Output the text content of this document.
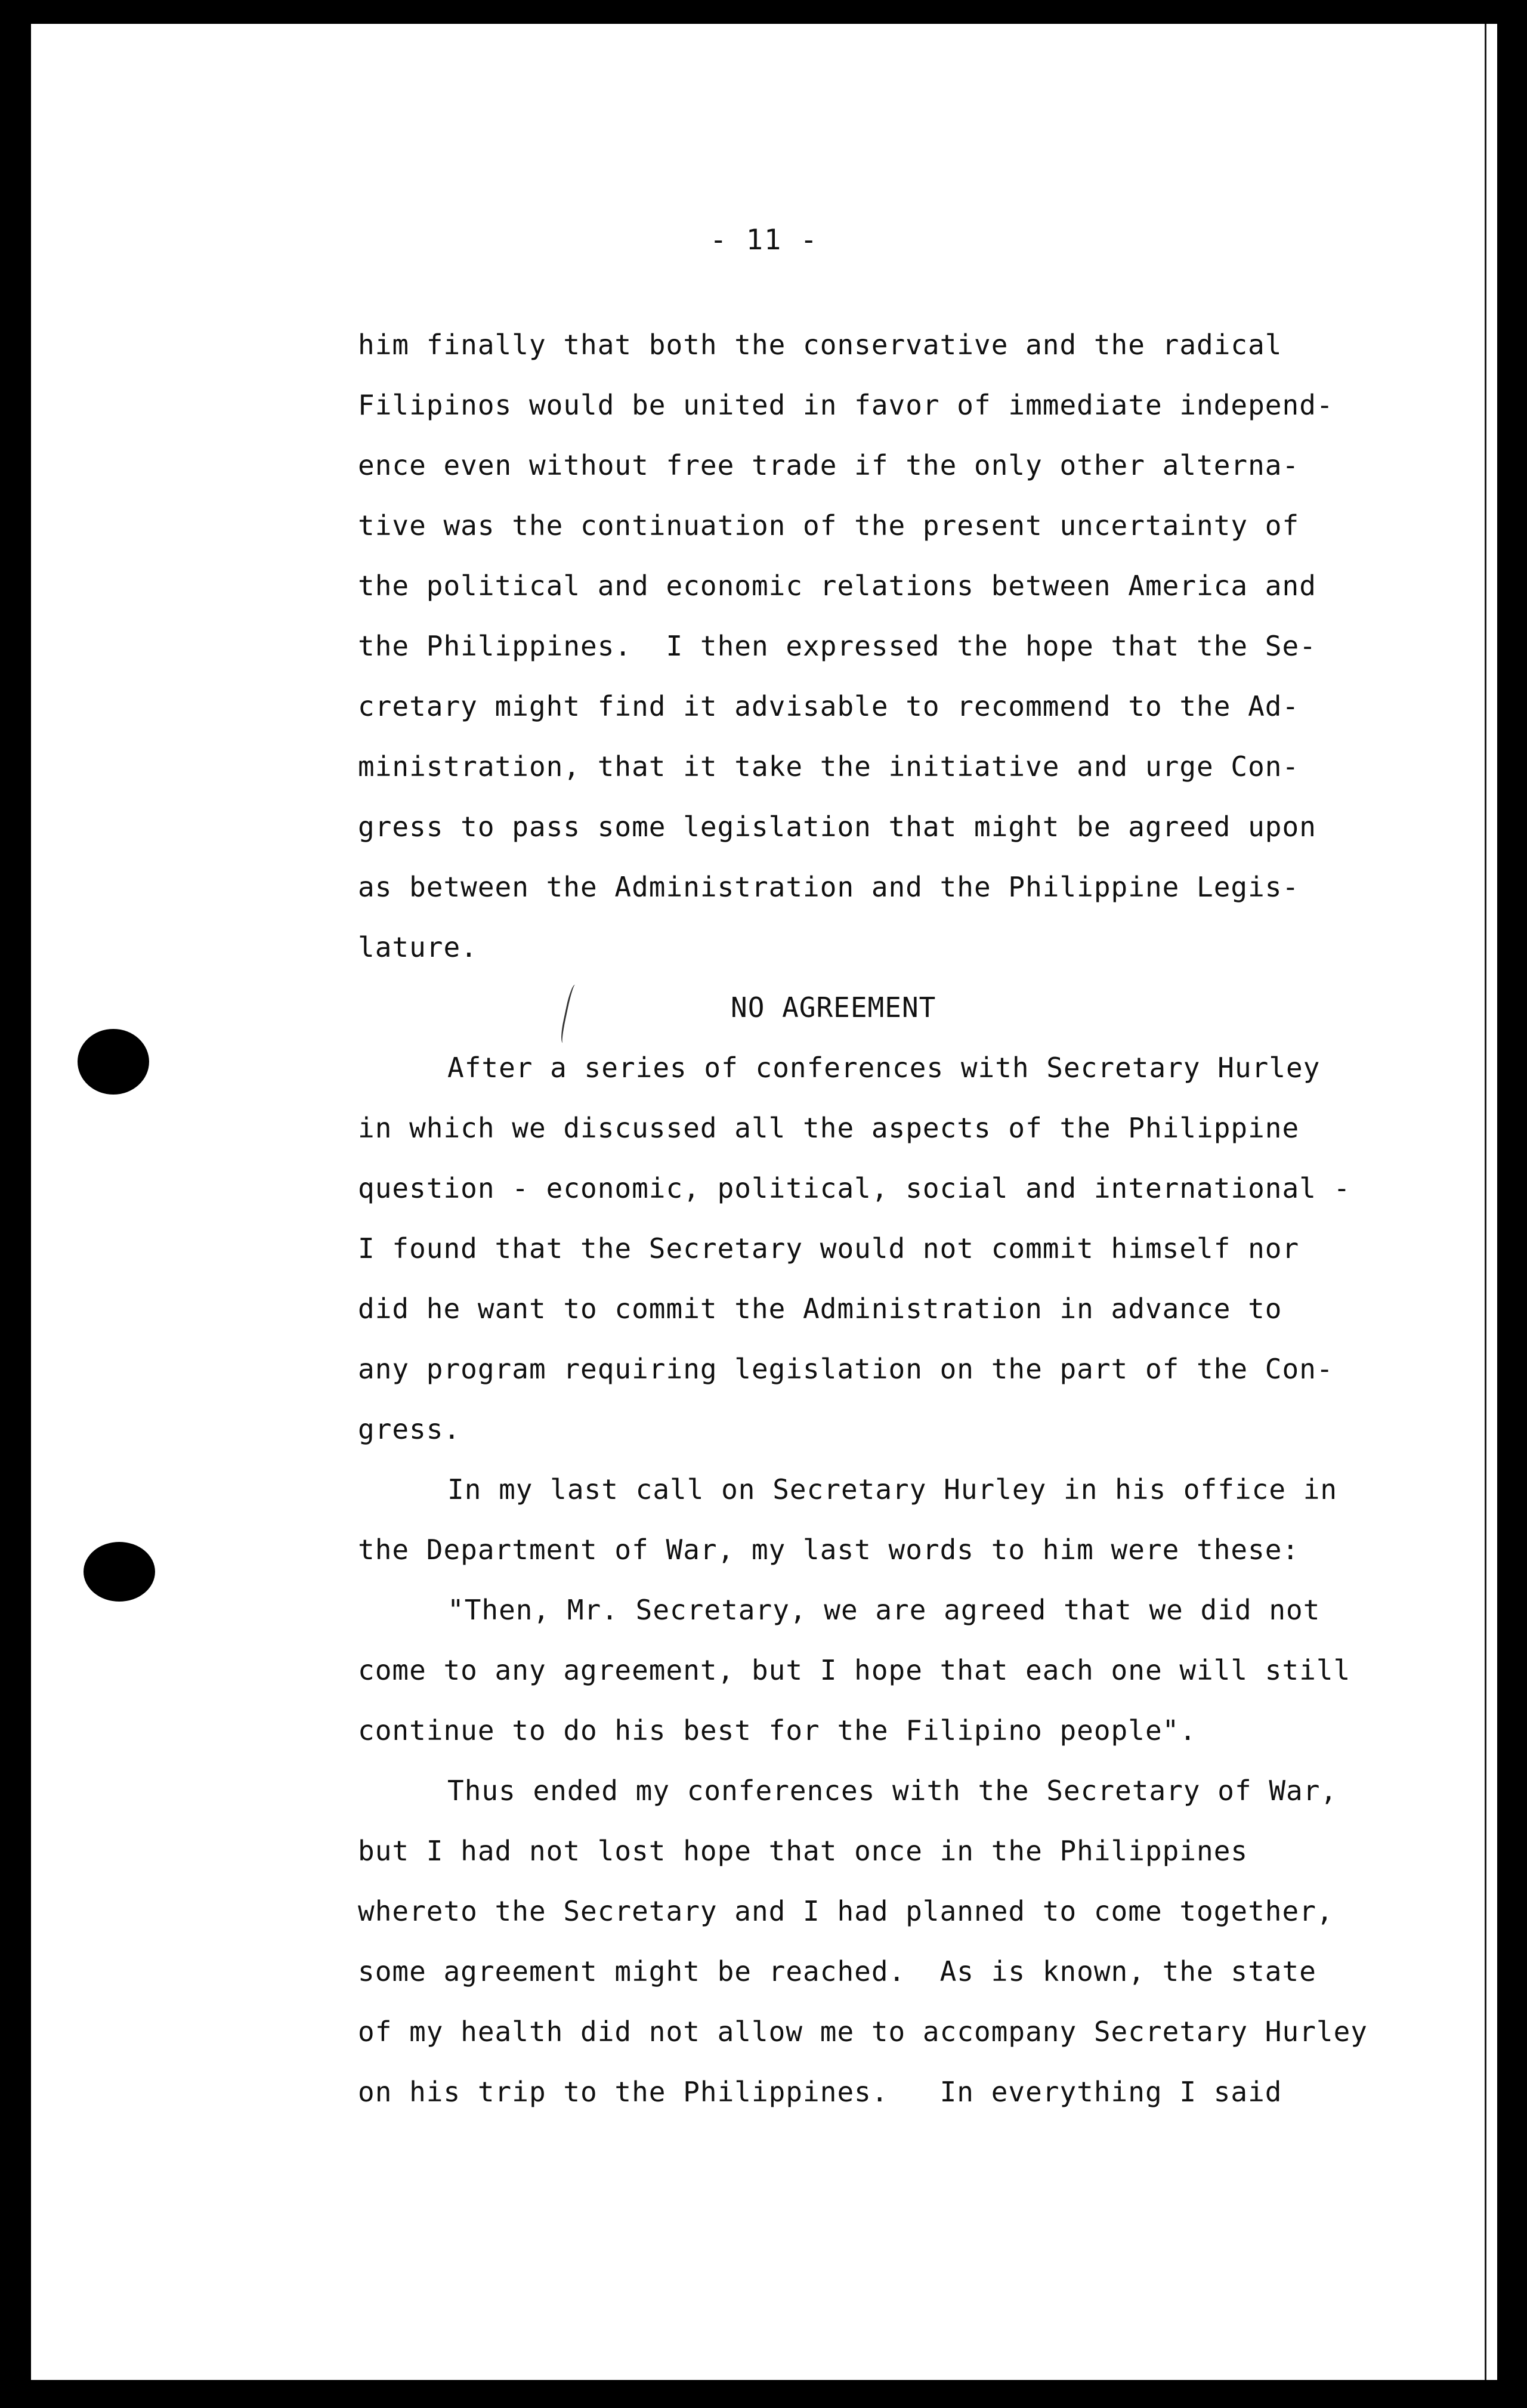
- 11 -
him finally that both the conservative and the radical
Filipinos would be united in favor of immediate independ-
ence even without free trade if the only other alterna-
tive was the continuation of the present uncertainty of
the political and economic relations between America and
the Philippines.  I then expressed the hope that the Se-
cretary might find it advisable to recommend to the Ad-
ministration, that it take the initiative and urge Con-
gress to pass some legislation that might be agreed upon
as between the Administration and the Philippine Legis-
lature.
NO AGREEMENT
After a series of conferences with Secretary Hurley
in which we discussed all the aspects of the Philippine
question - economic, political, social and international -
I found that the Secretary would not commit himself nor
did he want to commit the Administration in advance to
any program requiring legislation on the part of the Con-
gress.
In my last call on Secretary Hurley in his office in
the Department of War, my last words to him were these:
"Then, Mr. Secretary, we are agreed that we did not
come to any agreement, but I hope that each one will still
continue to do his best for the Filipino people".
Thus ended my conferences with the Secretary of War,
but I had not lost hope that once in the Philippines
whereto the Secretary and I had planned to come together,
some agreement might be reached.  As is known, the state
of my health did not allow me to accompany Secretary Hurley
on his trip to the Philippines.   In everything I said
